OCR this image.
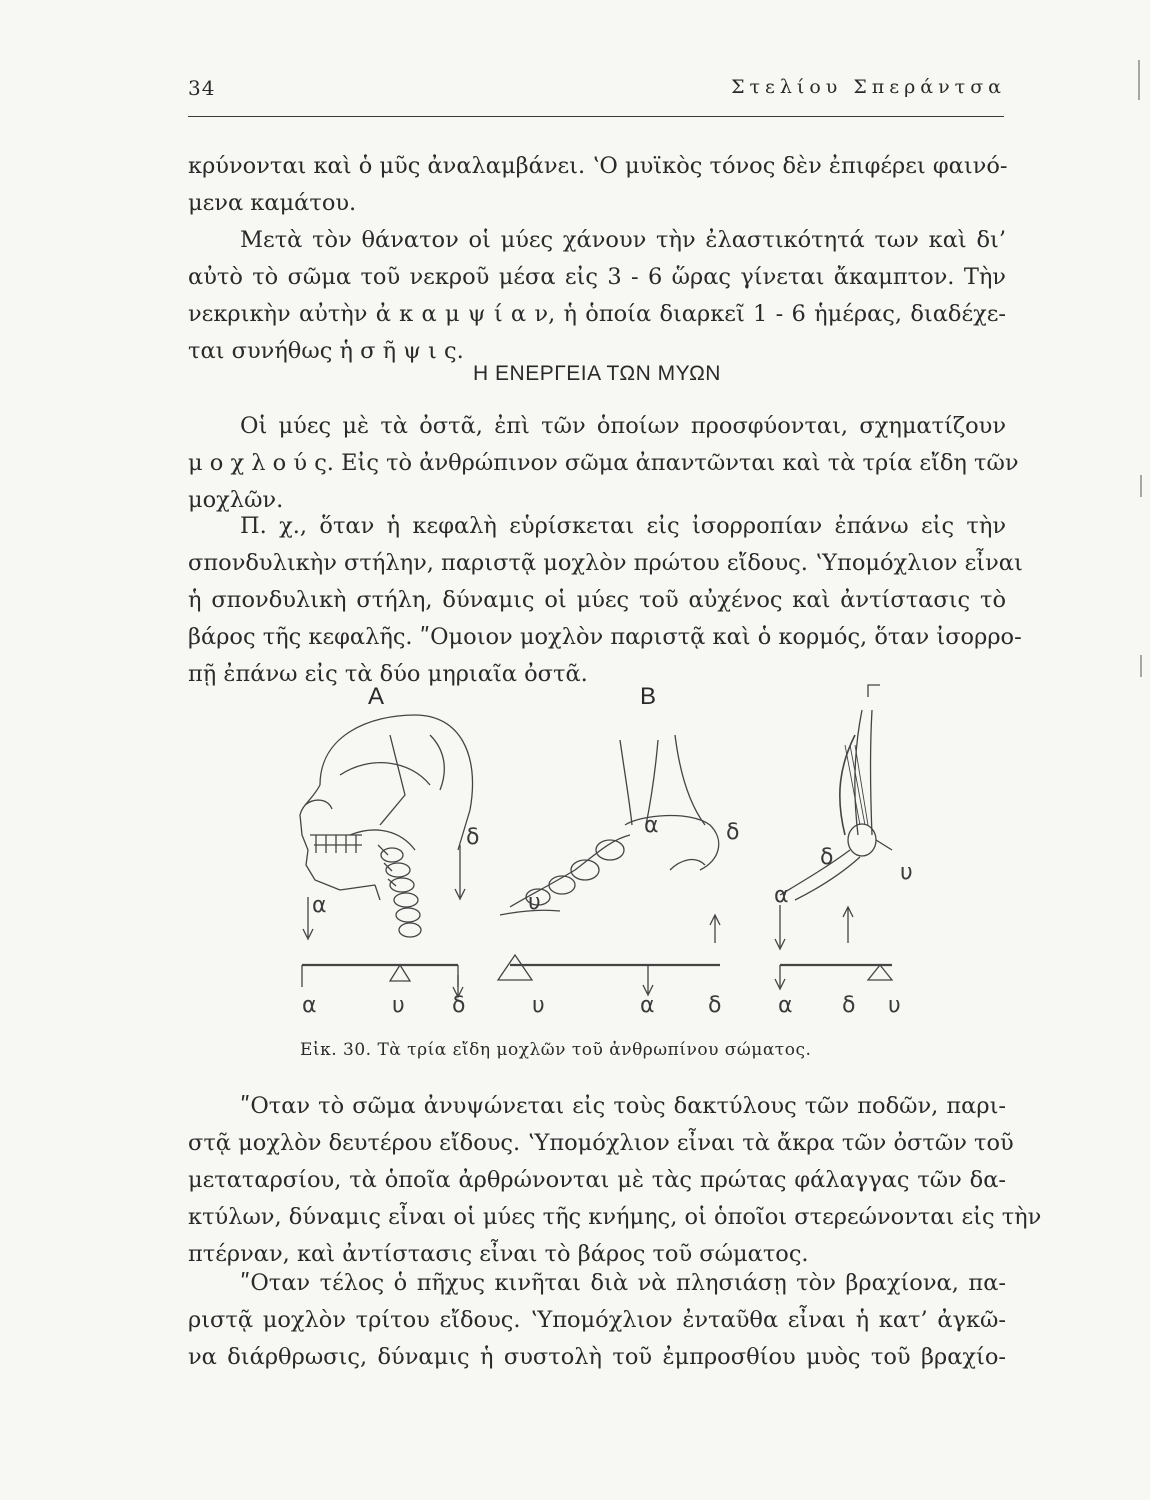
34	Στελίου Σπεράντσα
κρύνονται καὶ ὁ μῦς ἀναλαμβάνει. ʽΟ μυϊκὸς τόνος δὲν ἐπιφέρει φαινό-
μενα καμάτου.
Μετὰ τὸν θάνατον οἱ μύες χάνουν τὴν ἐλαστικότητά των καὶ δι’
αὐτὸ τὸ σῶμα τοῦ νεκροῦ μέσα εἰς 3 - 6 ὥρας γίνεται ἄκαμπτον. Τὴν
νεκρικὴν αὐτὴν ἀ κ α μ ψ ί α ν, ἡ ὁποία διαρκεῖ 1 - 6 ἡμέρας, διαδέχε-
ται συνήθως ἡ σ ῆ ψ ι ς.
Η ΕΝΕΡΓΕΙΑ ΤΩΝ ΜΥΩΝ
Οἱ μύες μὲ τὰ ὀστᾶ, ἐπὶ τῶν ὁποίων προσφύονται, σχηματίζουν
μ ο χ λ ο ύ ς. Εἰς τὸ ἀνθρώπινον σῶμα ἀπαντῶνται καὶ τὰ τρία εἴδη τῶν
μοχλῶν.
Π. χ., ὅταν ἡ κεφαλὴ εὑρίσκεται εἰς ἰσορροπίαν ἐπάνω εἰς τὴν
σπονδυλικὴν στήλην, παριστᾷ μοχλὸν πρώτου εἴδους. ʽΥπομόχλιον εἶναι
ἡ σπονδυλικὴ στήλη, δύναμις οἱ μύες τοῦ αὐχένος καὶ ἀντίστασις τὸ
βάρος τῆς κεφαλῆς. ʺΟμοιον μοχλὸν παριστᾷ καὶ ὁ κορμός, ὅταν ἰσορρο-
πῇ ἐπάνω εἰς τὰ δύο μηριαῖα ὀστᾶ.
Α	Β
α
δ
α	υ δ
α	δ
υ
υ	α δ
δ
υ
α
α δ υ
Εἰκ. 30. Τὰ τρία εἴδη μοχλῶν τοῦ ἀνθρωπίνου σώματος.
ʺΟταν τὸ σῶμα ἀνυψώνεται εἰς τοὺς δακτύλους τῶν ποδῶν, παρι-
στᾷ μοχλὸν δευτέρου εἴδους. ʽΥπομόχλιον εἶναι τὰ ἄκρα τῶν ὀστῶν τοῦ
μεταταρσίου, τὰ ὁποῖα ἀρθρώνονται μὲ τὰς πρώτας φάλαγγας τῶν δα-
κτύλων, δύναμις εἶναι οἱ μύες τῆς κνήμης, οἱ ὁποῖοι στερεώνονται εἰς τὴν
πτέρναν, καὶ ἀντίστασις εἶναι τὸ βάρος τοῦ σώματος.
ʺΟταν τέλος ὁ πῆχυς κινῆται διὰ νὰ πλησιάσῃ τὸν βραχίονα, πα-
ριστᾷ μοχλὸν τρίτου εἴδους. ʽΥπομόχλιον ἐνταῦθα εἶναι ἡ κατ’ ἀγκῶ-
να διάρθρωσις, δύναμις ἡ συστολὴ τοῦ ἐμπροσθίου μυὸς τοῦ βραχίο-
